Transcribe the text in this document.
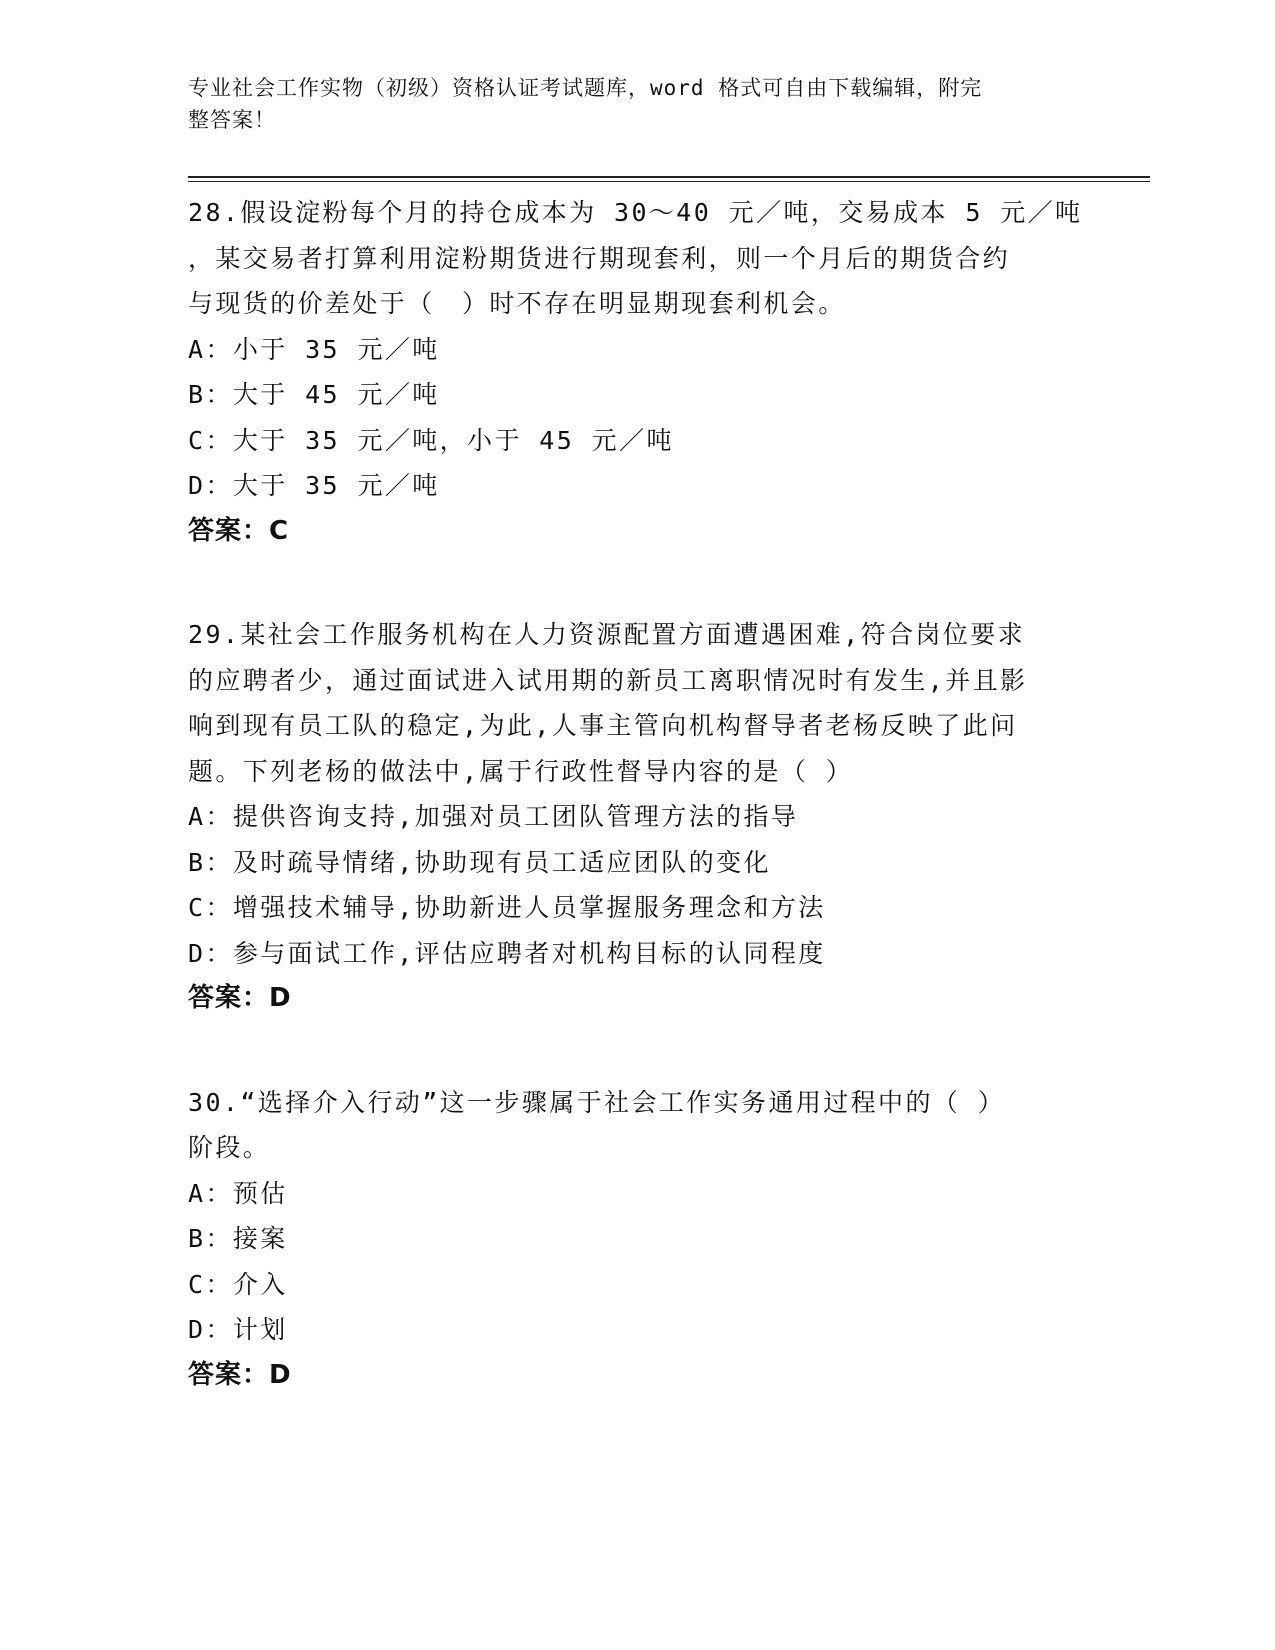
专业社会工作实物（初级）资格认证考试题库，word 格式可自由下载编辑，附完
整答案！
28.假设淀粉每个月的持仓成本为 30～40 元／吨，交易成本 5 元／吨
，某交易者打算利用淀粉期货进行期现套利，则一个月后的期货合约
与现货的价差处于（　）时不存在明显期现套利机会。
A：小于 35 元／吨
B：大于 45 元／吨
C：大于 35 元／吨，小于 45 元／吨
D：大于 35 元／吨
答案：C
29.某社会工作服务机构在人力资源配置方面遭遇困难,符合岗位要求
的应聘者少，通过面试进入试用期的新员工离职情况时有发生,并且影
响到现有员工队的稳定,为此,人事主管向机构督导者老杨反映了此问
题。下列老杨的做法中,属于行政性督导内容的是（ ）
A：提供咨询支持,加强对员工团队管理方法的指导
B：及时疏导情绪,协助现有员工适应团队的变化
C：增强技术辅导,协助新进人员掌握服务理念和方法
D：参与面试工作,评估应聘者对机构目标的认同程度
答案：D
30.“选择介入行动”这一步骤属于社会工作实务通用过程中的（ ）
阶段。
A：预估
B：接案
C：介入
D：计划
答案：D
